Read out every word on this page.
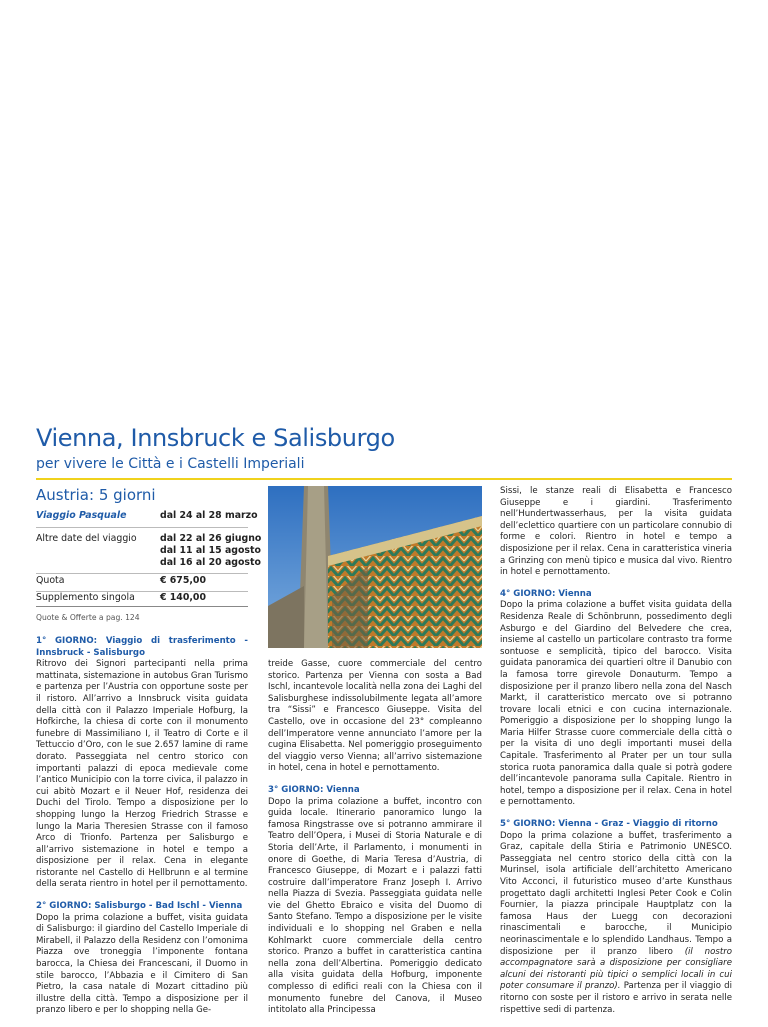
Vienna, Innsbruck e Salisburgo
per vivere le Città e i Castelli Imperiali
Austria: 5 giorni
Viaggio Pasquale	dal 24 al 28 marzo
Altre date del viaggio dal 22 al 26 giugno
dal 11 al 15 agosto
dal 16 al 20 agosto
Quota	€ 675,00
Supplemento singola	€ 140,00
Quote & Offerte a pag. 124

1° GIORNO: Viaggio di trasferimento - Innsbruck - Salisburgo
Ritrovo dei Signori partecipanti nella prima mattinata, sistemazione in autobus Gran Turismo e partenza per l’Austria con opportune soste per il ristoro. All’arrivo a Innsbruck visita guidata della città con il Palazzo Imperiale Hofburg, la Hofkirche, la chiesa di corte con il monumento funebre di Massimiliano I, il Teatro di Corte e il Tettuccio d’Oro, con le sue 2.657 lamine di rame dorato. Passeggiata nel centro storico con importanti palazzi di epoca medievale come l’antico Municipio con la torre civica, il palazzo in cui abitò Mozart e il Neuer Hof, residenza dei Duchi del Tirolo. Tempo a disposizione per lo shopping lungo la Herzog Friedrich Strasse e lungo la Maria Theresien Strasse con il famoso Arco di Trionfo. Partenza per Salisburgo e all’arrivo sistemazione in hotel e tempo a disposizione per il relax. Cena in elegante ristorante nel Castello di Hellbrunn e al termine della serata rientro in hotel per il pernottamento.

2° GIORNO: Salisburgo - Bad Ischl - Vienna
Dopo la prima colazione a buffet, visita guidata di Salisburgo: il giardino del Castello Imperiale di Mirabell, il Palazzo della Residenz con l’omonima Piazza ove troneggia l’imponente fontana barocca, la Chiesa dei Francescani, il Duomo in stile barocco, l’Abbazia e il Cimitero di San Pietro, la casa natale di Mozart cittadino più illustre della città. Tempo a disposizione per il pranzo libero e per lo shopping nella Ge-

treide Gasse, cuore commerciale del centro storico. Partenza per Vienna con sosta a Bad Ischl, incantevole località nella zona dei Laghi del Salisburghese indissolubilmente legata all’amore tra “Sissi” e Francesco Giuseppe. Visita del Castello, ove in occasione del 23° compleanno dell’Imperatore venne annunciato l’amore per la cugina Elisabetta. Nel pomeriggio proseguimento del viaggio verso Vienna; all’arrivo sistemazione in hotel, cena in hotel e pernottamento.

3° GIORNO: Vienna
Dopo la prima colazione a buffet, incontro con guida locale. Itinerario panoramico lungo la famosa Ringstrasse ove si potranno ammirare il Teatro dell’Opera, i Musei di Storia Naturale e di Storia dell’Arte, il Parlamento, i monumenti in onore di Goethe, di Maria Teresa d’Austria, di Francesco Giuseppe, di Mozart e i palazzi fatti costruire dall’imperatore Franz Joseph I. Arrivo nella Piazza di Svezia. Passeggiata guidata nelle vie del Ghetto Ebraico e visita del Duomo di Santo Stefano. Tempo a disposizione per le visite individuali e lo shopping nel Graben e nella Kohlmarkt cuore commerciale della centro storico. Pranzo a buffet in caratteristica cantina nella zona dell’Albertina. Pomeriggio dedicato alla visita guidata della Hofburg, imponente complesso di edifici reali con la Chiesa con il monumento funebre del Canova, il Museo intitolato alla Principessa

Sissi, le stanze reali di Elisabetta e Francesco Giuseppe e i giardini. Trasferimento nell’Hundertwasserhaus, per la visita guidata dell’eclettico quartiere con un particolare connubio di forme e colori. Rientro in hotel e tempo a disposizione per il relax. Cena in caratteristica vineria a Grinzing con menù tipico e musica dal vivo. Rientro in hotel e pernottamento.

4° GIORNO: Vienna
Dopo la prima colazione a buffet visita guidata della Residenza Reale di Schönbrunn, possedimento degli Asburgo e del Giardino del Belvedere che crea, insieme al castello un particolare contrasto tra forme sontuose e semplicità, tipico del barocco. Visita guidata panoramica dei quartieri oltre il Danubio con la famosa torre girevole Donauturm. Tempo a disposizione per il pranzo libero nella zona del Nasch Markt, il caratteristico mercato ove si potranno trovare locali etnici e con cucina internazionale. Pomeriggio a disposizione per lo shopping lungo la Maria Hilfer Strasse cuore commerciale della città o per la visita di uno degli importanti musei della Capitale. Trasferimento al Prater per un tour sulla storica ruota panoramica dalla quale si potrà godere dell’incantevole panorama sulla Capitale. Rientro in hotel, tempo a disposizione per il relax. Cena in hotel e pernottamento.

5° GIORNO: Vienna - Graz - Viaggio di ritorno
Dopo la prima colazione a buffet, trasferimento a Graz, capitale della Stiria e Patrimonio UNESCO. Passeggiata nel centro storico della città con la Murinsel, isola artificiale dell’architetto Americano Vito Acconci, il futuristico museo d’arte Kunsthaus progettato dagli architetti Inglesi Peter Cook e Colin Fournier, la piazza principale Hauptplatz con la famosa Haus der Luegg con decorazioni rinascimentali e barocche, il Municipio neorinascimentale e lo splendido Landhaus. Tempo a disposizione per il pranzo libero (il nostro accompagnatore sarà a disposizione per consigliare alcuni dei ristoranti più tipici o semplici locali in cui poter consumare il pranzo). Partenza per il viaggio di ritorno con soste per il ristoro e arrivo in serata nelle rispettive sedi di partenza.
